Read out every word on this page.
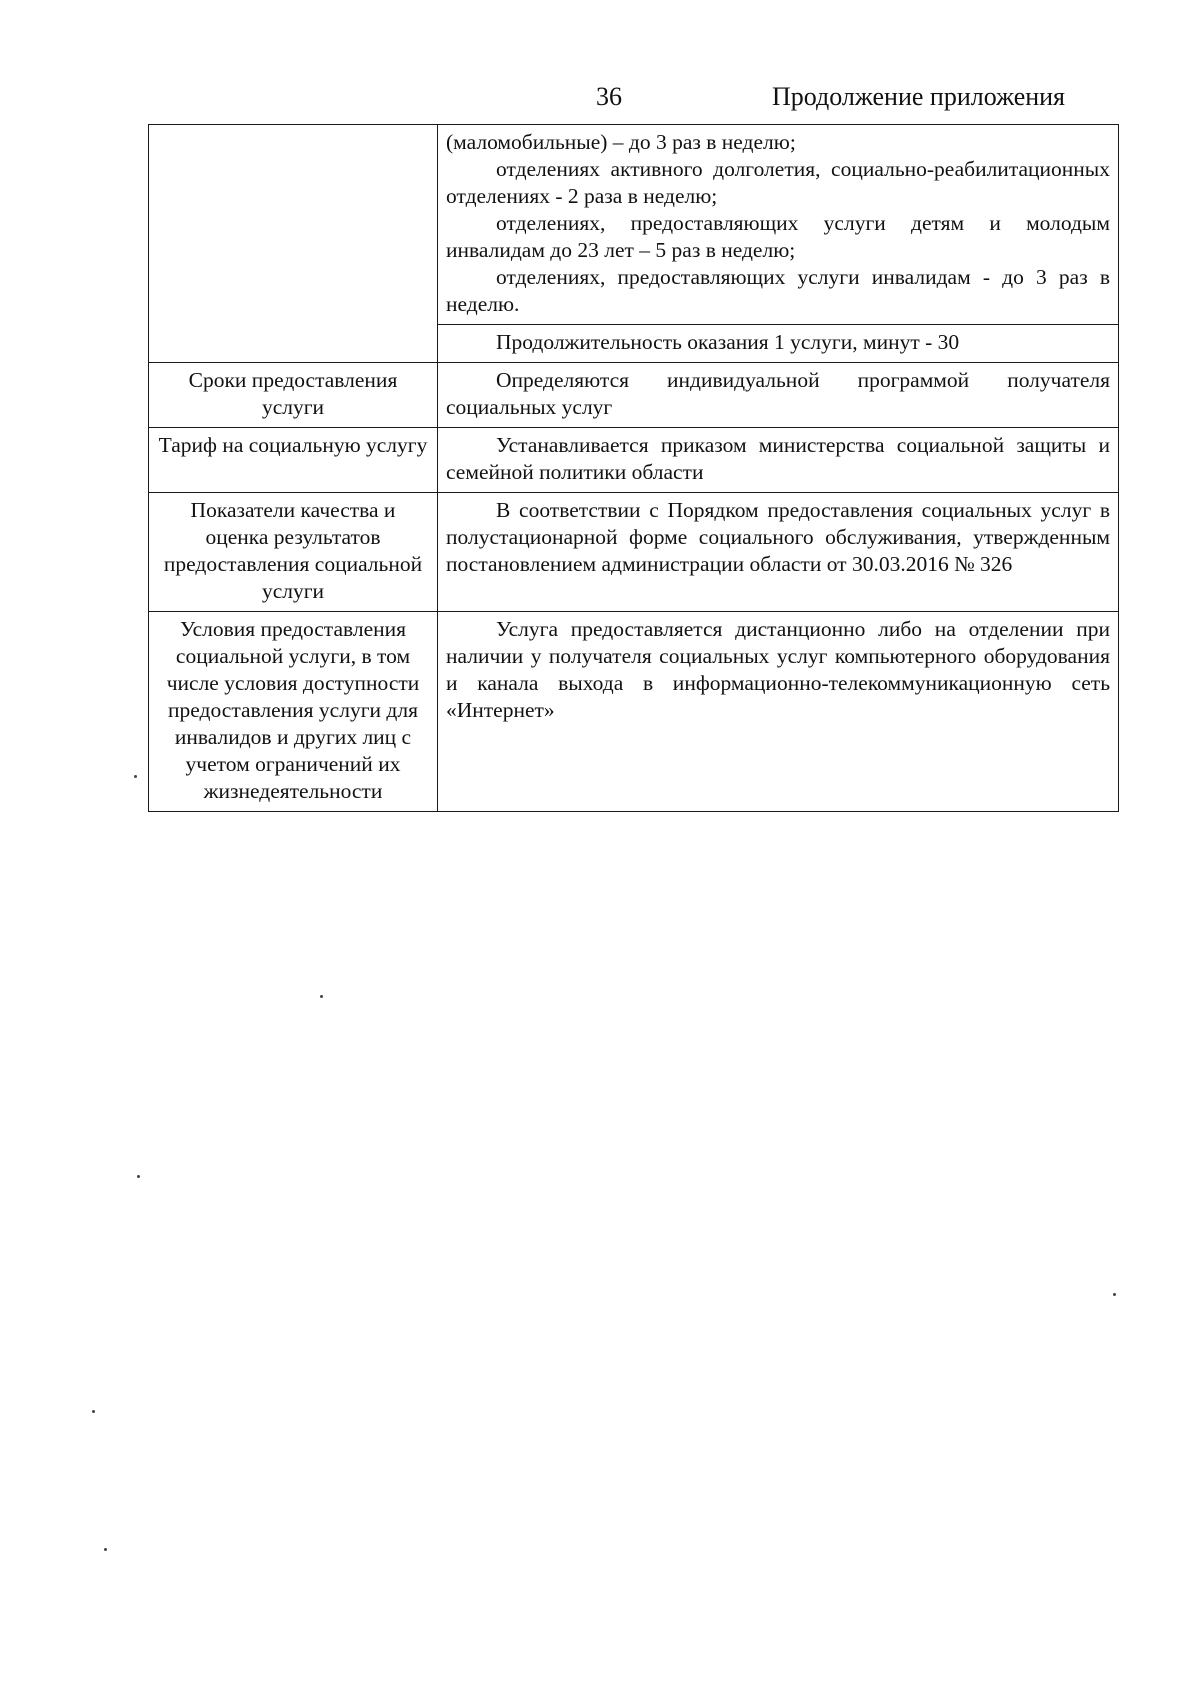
36	Продолжение приложения

	(маломобильные) – до 3 раз в неделю;
отделениях активного долголетия, социально-реабилитационных отделениях - 2 раза в неделю;
отделениях, предоставляющих услуги детям и молодым инвалидам до 23 лет – 5 раз в неделю;
отделениях, предоставляющих услуги инвалидам - до 3 раз в неделю.

	Продолжительность оказания 1 услуги, минут - 30
Сроки предоставления услуги	Определяются индивидуальной программой получателя социальных услуг

Тариф на социальную услугу	Устанавливается приказом министерства социальной защиты и семейной политики области

Показатели качества и оценка результатов предоставления социальной услуги	В соответствии с Порядком предоставления социальных услуг в полустационарной форме социального обслуживания, утвержденным постановлением администрации области от 30.03.2016 № 326

Условия предоставления социальной услуги, в том числе условия доступности предоставления услуги для инвалидов и других лиц с учетом ограничений их жизнедеятельности	Услуга предоставляется дистанционно либо на отделении при наличии у получателя социальных услуг компьютерного оборудования и канала выхода в информационно-телекоммуникационную сеть «Интернет»
